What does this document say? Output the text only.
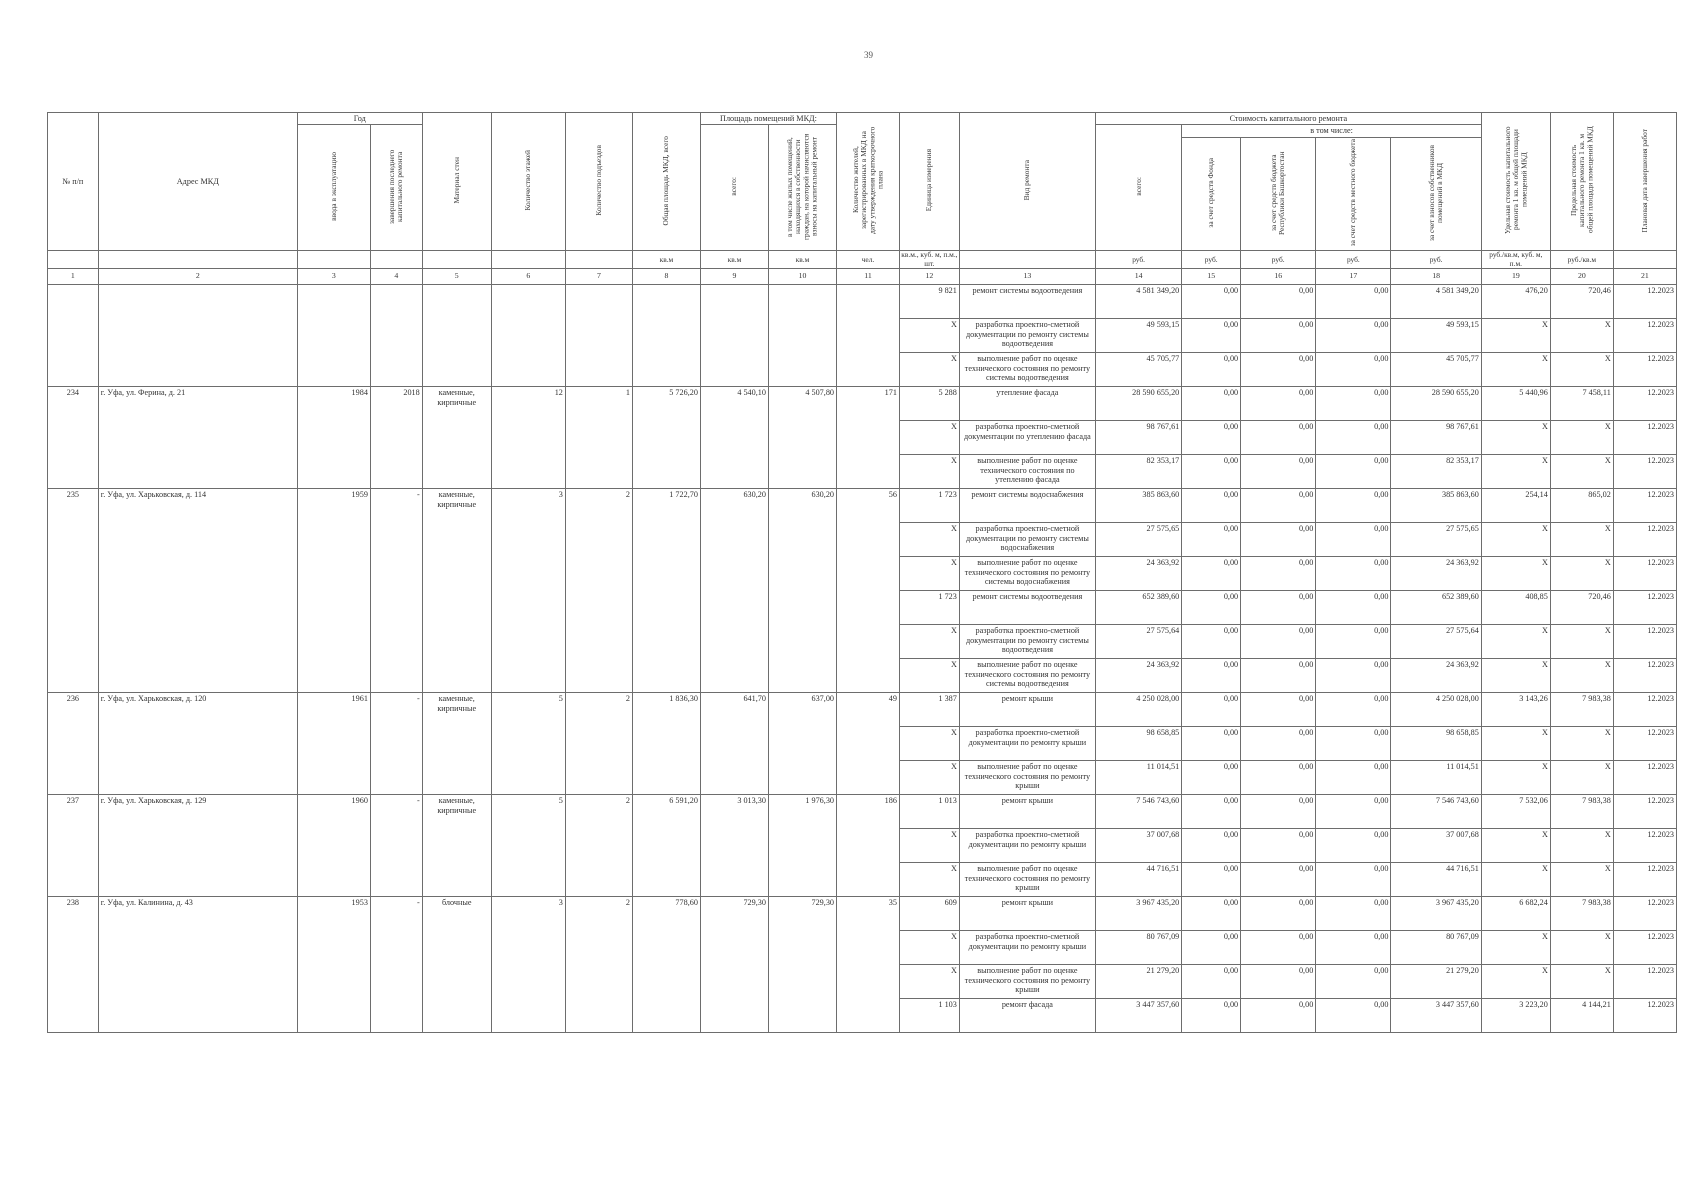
39
№ п/п	Адрес МКД	Год		Материал стен	Количество этажей	Количество подъездов	Общая площадь МКД, всего	Площадь помещений МКД:		Количество жителей, зарегистрированных в МКД на дату утверждения краткосрочного плана	Единица измерения	Вид ремонта	Стоимость капитального ремонта					Удельная стоимость капитального ремонта 1 кв. м общей площади помещений МКД	Предельная стоимость капитального ремонта 1 кв. м общей площади помещений МКД	Плановая дата завершения работ
		ввода в эксплуатацию	завершения последнего капитального ремонта					всего:	в том числе жилых помещений, находящихся в собственности граждан, на которой начисляются взносы на капитальный ремонт				всего:	в том числе:						
														за счет средств Фонда	за счет средств бюджета Республики Башкортостан	за счет средств местного бюджета	за счет взносов собственников помещений в МКД			
							кв.м	кв.м	кв.м	чел.	кв.м., куб. м, п.м., шт.		руб.	руб.	руб.	руб.	руб.	руб./кв.м, куб. м, п.м.	руб./кв.м	
1	2	3	4	5	6	7	8	9	10	11	12	13	14	15	16	17	18	19	20	21
											9 821	ремонт системы водоотведения	4 581 349,20	0,00	0,00	0,00	4 581 349,20	476,20	720,46	12.2023
											X	разработка проектно-сметной документации по ремонту системы водоотведения	49 593,15	0,00	0,00	0,00	49 593,15	X	X	12.2023
											X	выполнение работ по оценке технического состояния по ремонту системы водоотведения	45 705,77	0,00	0,00	0,00	45 705,77	X	X	12.2023
234	г. Уфа, ул. Ферина, д. 21	1984	2018	каменные, кирпичные	12	1	5 726,20	4 540,10	4 507,80	171	5 288	утепление фасада	28 590 655,20	0,00	0,00	0,00	28 590 655,20	5 440,96	7 458,11	12.2023
											X	разработка проектно-сметной документации по утеплению фасада	98 767,61	0,00	0,00	0,00	98 767,61	X	X	12.2023
											X	выполнение работ по оценке технического состояния по утеплению фасада	82 353,17	0,00	0,00	0,00	82 353,17	X	X	12.2023
235	г. Уфа, ул. Харьковская, д. 114	1959	-	каменные, кирпичные	3	2	1 722,70	630,20	630,20	56	1 723	ремонт системы водоснабжения	385 863,60	0,00	0,00	0,00	385 863,60	254,14	865,02	12.2023
											X	разработка проектно-сметной документации по ремонту системы водоснабжения	27 575,65	0,00	0,00	0,00	27 575,65	X	X	12.2023
											X	выполнение работ по оценке технического состояния по ремонту системы водоснабжения	24 363,92	0,00	0,00	0,00	24 363,92	X	X	12.2023
											1 723	ремонт системы водоотведения	652 389,60	0,00	0,00	0,00	652 389,60	408,85	720,46	12.2023
											X	разработка проектно-сметной документации по ремонту системы водоотведения	27 575,64	0,00	0,00	0,00	27 575,64	X	X	12.2023
											X	выполнение работ по оценке технического состояния по ремонту системы водоотведения	24 363,92	0,00	0,00	0,00	24 363,92	X	X	12.2023
236	г. Уфа, ул. Харьковская, д. 120	1961	-	каменные, кирпичные	5	2	1 836,30	641,70	637,00	49	1 387	ремонт крыши	4 250 028,00	0,00	0,00	0,00	4 250 028,00	3 143,26	7 983,38	12.2023
											X	разработка проектно-сметной документации по ремонту крыши	98 658,85	0,00	0,00	0,00	98 658,85	X	X	12.2023
											X	выполнение работ по оценке технического состояния по ремонту крыши	11 014,51	0,00	0,00	0,00	11 014,51	X	X	12.2023
237	г. Уфа, ул. Харьковская, д. 129	1960	-	каменные, кирпичные	5	2	6 591,20	3 013,30	1 976,30	186	1 013	ремонт крыши	7 546 743,60	0,00	0,00	0,00	7 546 743,60	7 532,06	7 983,38	12.2023
											X	разработка проектно-сметной документации по ремонту крыши	37 007,68	0,00	0,00	0,00	37 007,68	X	X	12.2023
											X	выполнение работ по оценке технического состояния по ремонту крыши	44 716,51	0,00	0,00	0,00	44 716,51	X	X	12.2023
238	г. Уфа, ул. Калинина, д. 43	1953	-	блочные	3	2	778,60	729,30	729,30	35	609	ремонт крыши	3 967 435,20	0,00	0,00	0,00	3 967 435,20	6 682,24	7 983,38	12.2023
											X	разработка проектно-сметной документации по ремонту крыши	80 767,09	0,00	0,00	0,00	80 767,09	X	X	12.2023
											X	выполнение работ по оценке технического состояния по ремонту крыши	21 279,20	0,00	0,00	0,00	21 279,20	X	X	12.2023
											1 103	ремонт фасада	3 447 357,60	0,00	0,00	0,00	3 447 357,60	3 223,20	4 144,21	12.2023
